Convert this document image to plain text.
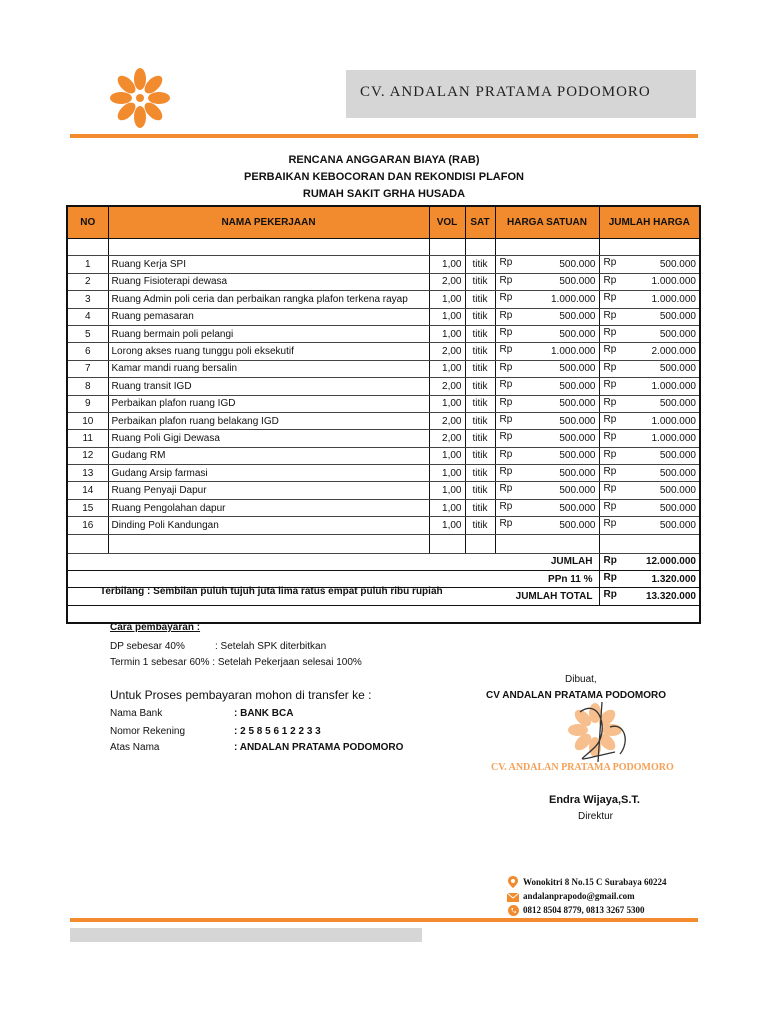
CV. ANDALAN PRATAMA PODOMORO
RENCANA ANGGARAN BIAYA (RAB)
PERBAIKAN KEBOCORAN DAN REKONDISI PLAFON
RUMAH SAKIT GRHA HUSADA
NO	NAMA PEKERJAAN	VOL	SAT	HARGA SATUAN	JUMLAH HARGA

1	Ruang Kerja SPI	1,00	titik	Rp 500.000	Rp 500.000

2	Ruang Fisioterapi dewasa	2,00	titik	Rp 500.000	Rp 1.000.000

3	Ruang Admin poli ceria dan perbaikan rangka plafon terkena rayap	1,00	titik	Rp 1.000.000	Rp 1.000.000

4	Ruang pemasaran	1,00	titik	Rp 500.000	Rp 500.000

5	Ruang bermain poli pelangi	1,00	titik	Rp 500.000	Rp 500.000

6	Lorong akses ruang tunggu poli eksekutif	2,00	titik	Rp 1.000.000	Rp 2.000.000

7	Kamar mandi ruang bersalin	1,00	titik	Rp 500.000	Rp 500.000

8	Ruang transit IGD	2,00	titik	Rp 500.000	Rp 1.000.000

9	Perbaikan plafon ruang IGD	1,00	titik	Rp 500.000	Rp 500.000

10	Perbaikan plafon ruang belakang IGD	2,00	titik	Rp 500.000	Rp 1.000.000

11	Ruang Poli Gigi Dewasa	2,00	titik	Rp 500.000	Rp 1.000.000

12	Gudang RM	1,00	titik	Rp 500.000	Rp 500.000

13	Gudang Arsip farmasi	1,00	titik	Rp 500.000	Rp 500.000

14	Ruang Penyaji Dapur	1,00	titik	Rp 500.000	Rp 500.000

15	Ruang Pengolahan dapur	1,00	titik	Rp 500.000	Rp 500.000

16	Dinding Poli Kandungan	1,00	titik	Rp 500.000	Rp 500.000

JUMLAH					Rp 12.000.000

PPn 11 %					Rp 1.320.000

JUMLAH TOTAL					Rp 13.320.000

Terbilang : Sembilan puluh tujuh juta lima ratus empat puluh ribu rupiah
Cara pembayaran :
DP sebesar 40%	: Setelah SPK diterbitkan
Termin 1 sebesar 60% : Setelah Pekerjaan selesai 100%
Untuk Proses pembayaran mohon di transfer ke :
Nama Bank	: BANK BCA
Nomor Rekening	: 2 5 8 5 6 1 2 2 3 3
Atas Nama	: ANDALAN PRATAMA PODOMORO
Dibuat,
CV ANDALAN PRATAMA PODOMORO
CV. ANDALAN PRATAMA PODOMORO
Endra Wijaya,S.T.
Direktur
Wonokitri 8 No.15 C Surabaya 60224
andalanprapodo@gmail.com
0812 8504 8779, 0813 3267 5300
